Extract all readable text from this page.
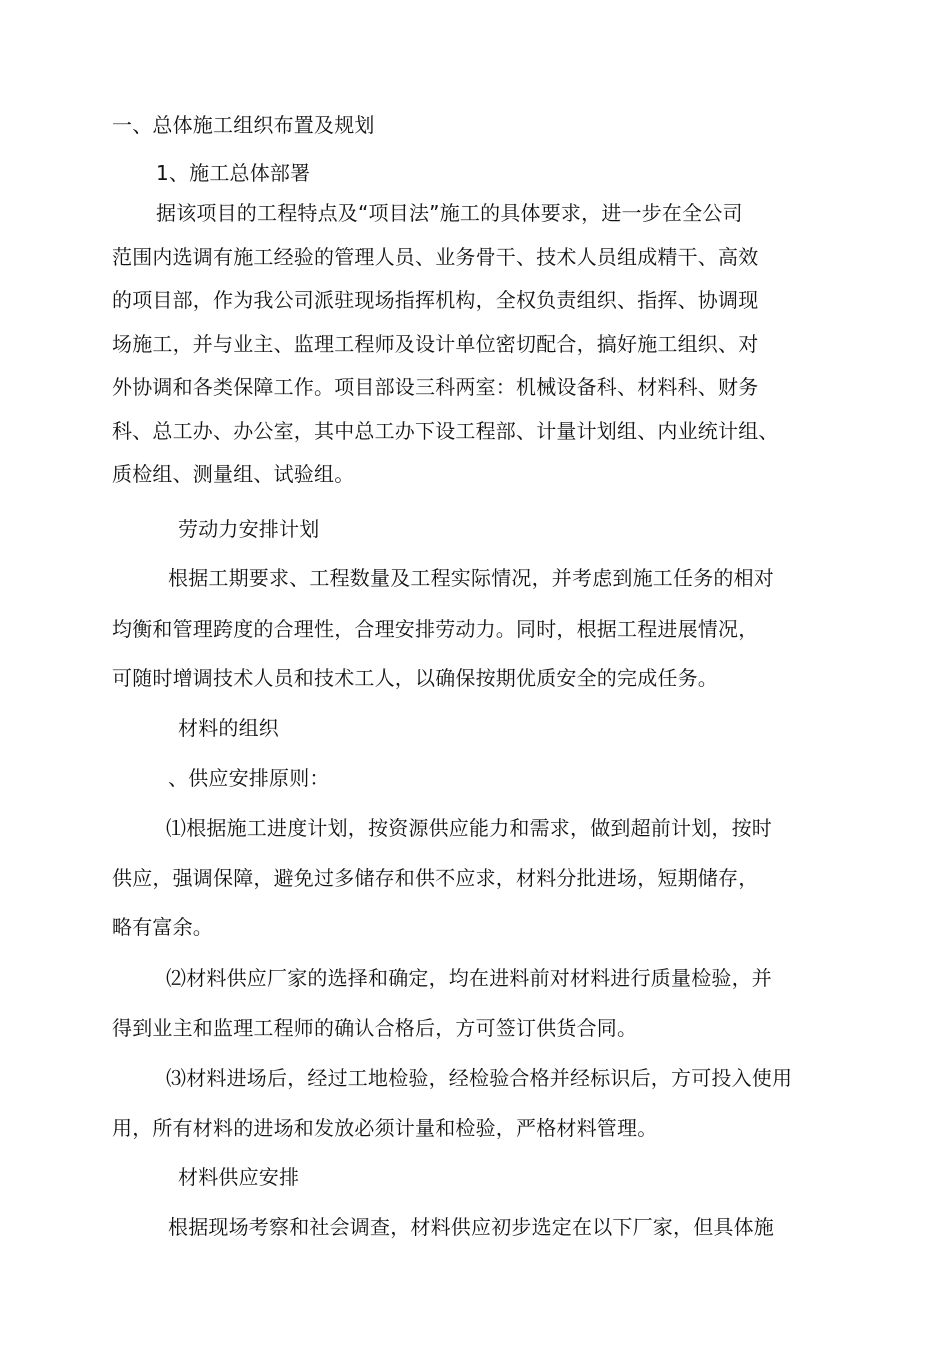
一、总体施工组织布置及规划
1、施工总体部署
据该项目的工程特点及“项目法”施工的具体要求，进一步在全公司
范围内选调有施工经验的管理人员、业务骨干、技术人员组成精干、高效
的项目部，作为我公司派驻现场指挥机构，全权负责组织、指挥、协调现
场施工，并与业主、监理工程师及设计单位密切配合，搞好施工组织、对
外协调和各类保障工作。项目部设三科两室：机械设备科、材料科、财务
科、总工办、办公室，其中总工办下设工程部、计量计划组、内业统计组、
质检组、测量组、试验组。
劳动力安排计划
根据工期要求、工程数量及工程实际情况，并考虑到施工任务的相对
均衡和管理跨度的合理性，合理安排劳动力。同时，根据工程进展情况，
可随时增调技术人员和技术工人，以确保按期优质安全的完成任务。
材料的组织
、供应安排原则：
⑴根据施工进度计划，按资源供应能力和需求，做到超前计划，按时
供应，强调保障，避免过多储存和供不应求，材料分批进场，短期储存，
略有富余。
⑵材料供应厂家的选择和确定，均在进料前对材料进行质量检验，并
得到业主和监理工程师的确认合格后，方可签订供货合同。
⑶材料进场后，经过工地检验，经检验合格并经标识后，方可投入使用
用，所有材料的进场和发放必须计量和检验，严格材料管理。
材料供应安排
根据现场考察和社会调查，材料供应初步选定在以下厂家，但具体施
